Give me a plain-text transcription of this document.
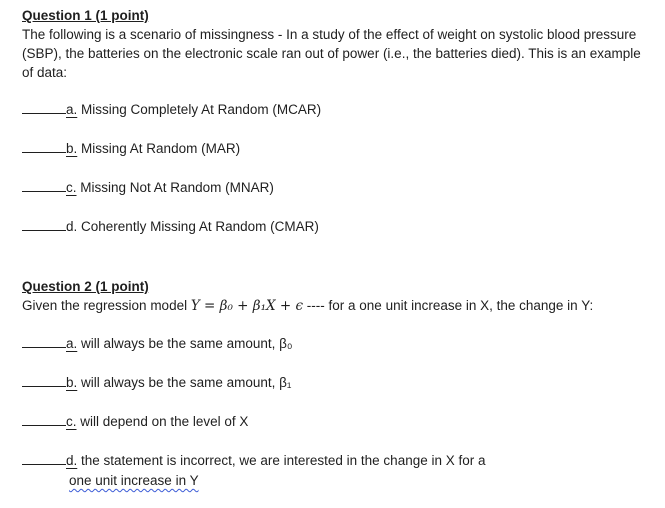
Question 1 (1 point)
The following is a scenario of missingness - In a study of the effect of weight on systolic blood pressure (SBP), the batteries on the electronic scale ran out of power (i.e., the batteries died). This is an example of data:
a. Missing Completely At Random (MCAR)
b. Missing At Random (MAR)
c. Missing Not At Random (MNAR)
d. Coherently Missing At Random (CMAR)
Question 2 (1 point)
Given the regression model Y = β₀ + β₁X + ϵ ---- for a one unit increase in X, the change in Y:
a. will always be the same amount, β₀
b. will always be the same amount, β₁
c. will depend on the level of X
d. the statement is incorrect, we are interested in the change in X for a
one unit increase in Y
